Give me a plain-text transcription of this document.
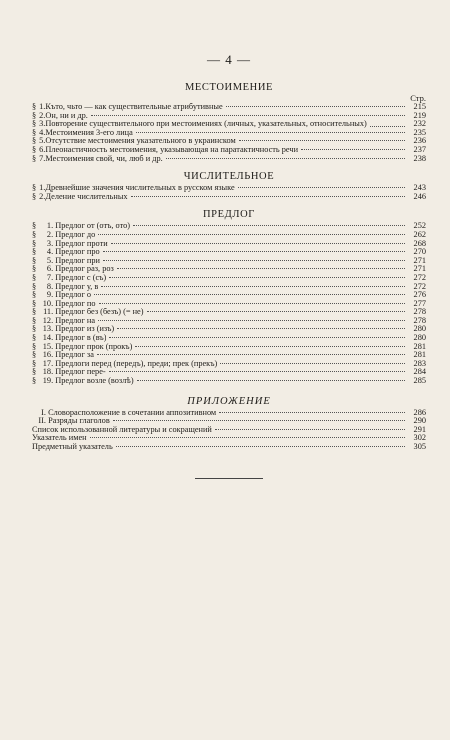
— 4 —
МЕСТОИМЕНИЕ
Стр.
§ 1. Къто, чьто — как существительные атрибутивные	215
§ 2. Он, ни и др.	219
§ 3. Повторение существительного при местоимениях (личных, указательных, относительных)	232
§ 4. Местоимения 3-его лица	235
§ 5. Отсутствие местоимения указательного в украинском	236
§ 6. Плеонастичность местоимения, указывающая на паратактичность речи	237
§ 7. Местоимения свой, чи, люб и др.	238
ЧИСЛИТЕЛЬНОЕ
§ 1. Древнейшие значения числительных в русском языке	243
§ 2. Деление числительных	246
ПРЕДЛОГ
§ 1. Предлог от (отъ, ото)	252
§ 2. Предлог до	262
§ 3. Предлог проти	268
§ 4. Предлог про	270
§ 5. Предлог при	271
§ 6. Предлог раз, роз	271
§ 7. Предлог с (съ)	272
§ 8. Предлог у, в	272
§ 9. Предлог о	276
§ 10. Предлог по	277
§ 11. Предлог без (безъ) (= не)	278
§ 12. Предлог на	278
§ 13. Предлог из (изъ)	280
§ 14. Предлог в (въ)	280
§ 15. Предлог прок (прокъ)	281
§ 16. Предлог за	281
§ 17. Предлоги перед (передъ), преди; прек (прекъ)	283
§ 18. Предлог пере-	284
§ 19. Предлог возле (возлѣ)	285
ПРИЛОЖЕНИЕ
I. Словорасположение в сочетании аппозитивном	286
II. Разряды глаголов	290
Список использованной литературы и сокращений	291
Указатель имен	302
Предметный указатель	305
